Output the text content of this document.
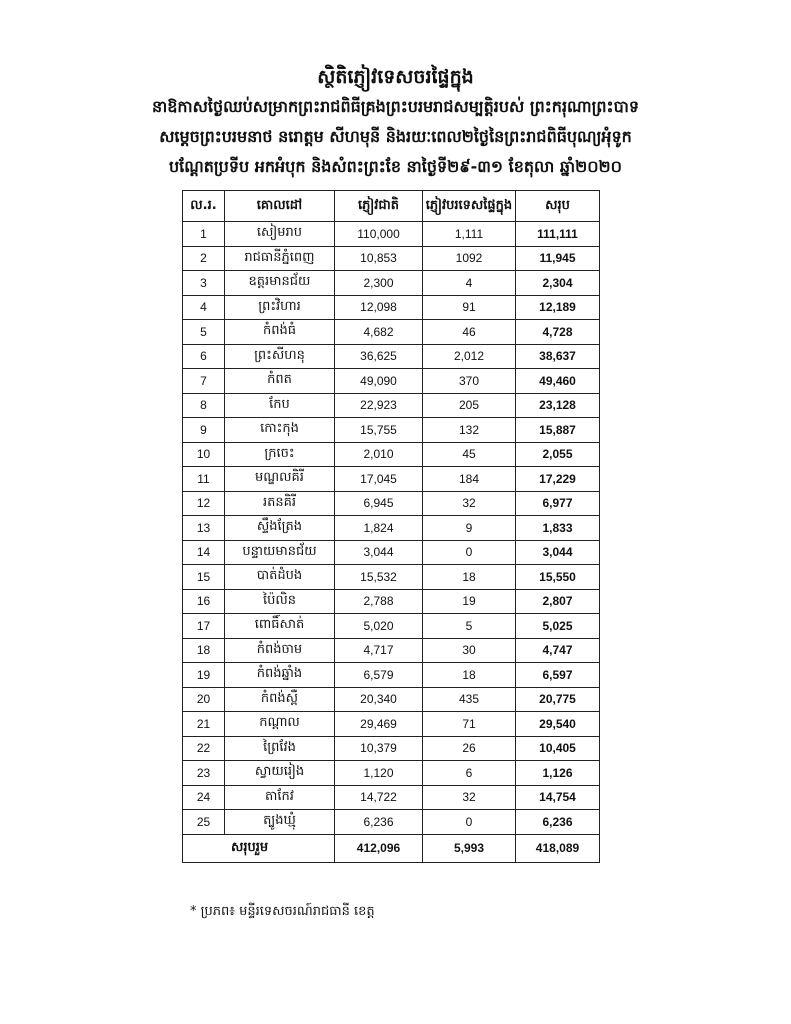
ស្ថិតិភ្ញៀវទេសចរផ្ទៃក្នុង
នាឱកាសថ្ងៃឈប់សម្រាកព្រះរាជពិធីគ្រងព្រះបរមរាជសម្បត្តិរបស់ ព្រះករុណាព្រះបាទ
សម្តេចព្រះបរមនាថ នរោត្តម សីហមុនី និងរយៈពេល២ថ្ងៃនៃព្រះរាជពិធីបុណ្យអុំទូក
បណ្តែតប្រទីប អកអំបុក និងសំពះព្រះខែ នាថ្ងៃទី២៩-៣១ ខែតុលា ឆ្នាំ២០២០
ល.រ.	គោលដៅ	ភ្ញៀវជាតិ	ភ្ញៀវបរទេសផ្ទៃក្នុង	សរុប
1	សៀមរាប	110,000	1,111	111,111
2	រាជធានីភ្នំពេញ	10,853	1092	11,945
3	ឧត្តរមានជ័យ	2,300	4	2,304
4	ព្រះវិហារ	12,098	91	12,189
5	កំពង់ធំ	4,682	46	4,728
6	ព្រះសីហនុ	36,625	2,012	38,637
7	កំពត	49,090	370	49,460
8	កែប	22,923	205	23,128
9	កោះកុង	15,755	132	15,887
10	ក្រចេះ	2,010	45	2,055
11	មណ្ឌលគិរី	17,045	184	17,229
12	រតនគិរី	6,945	32	6,977
13	ស្ទឹងត្រែង	1,824	9	1,833
14	បន្ទាយមានជ័យ	3,044	0	3,044
15	បាត់ដំបង	15,532	18	15,550
16	ប៉ៃលិន	2,788	19	2,807
17	ពោធិ៍សាត់	5,020	5	5,025
18	កំពង់ចាម	4,717	30	4,747
19	កំពង់ឆ្នាំង	6,579	18	6,597
20	កំពង់ស្ពឺ	20,340	435	20,775
21	កណ្តាល	29,469	71	29,540
22	ព្រៃវែង	10,379	26	10,405
23	ស្វាយរៀង	1,120	6	1,126
24	តាកែវ	14,722	32	14,754
25	ត្បូងឃ្មុំ	6,236	0	6,236
សរុបរួម		412,096	5,993	418,089
* ប្រភព៖ មន្ទីរទេសចរណ៍រាជធានី ខេត្ត
